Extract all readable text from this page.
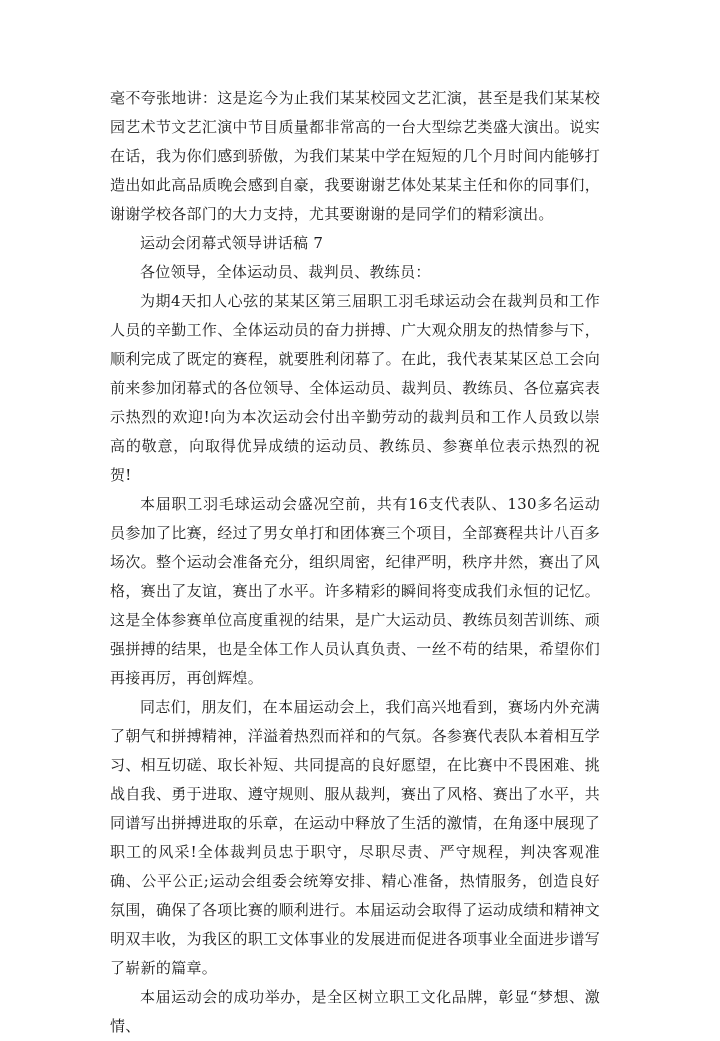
毫不夸张地讲：这是迄今为止我们某某校园文艺汇演，甚至是我们某某校园艺术节文艺汇演中节目质量都非常高的一台大型综艺类盛大演出。说实在话，我为你们感到骄傲，为我们某某中学在短短的几个月时间内能够打造出如此高品质晚会感到自豪，我要谢谢艺体处某某主任和你的同事们，谢谢学校各部门的大力支持，尤其要谢谢的是同学们的精彩演出。

运动会闭幕式领导讲话稿 7

各位领导，全体运动员、裁判员、教练员：

为期4天扣人心弦的某某区第三届职工羽毛球运动会在裁判员和工作人员的辛勤工作、全体运动员的奋力拼搏、广大观众朋友的热情参与下，顺利完成了既定的赛程，就要胜利闭幕了。在此，我代表某某区总工会向前来参加闭幕式的各位领导、全体运动员、裁判员、教练员、各位嘉宾表示热烈的欢迎!向为本次运动会付出辛勤劳动的裁判员和工作人员致以崇高的敬意，向取得优异成绩的运动员、教练员、参赛单位表示热烈的祝贺!

本届职工羽毛球运动会盛况空前，共有16支代表队、130多名运动员参加了比赛，经过了男女单打和团体赛三个项目，全部赛程共计八百多场次。整个运动会准备充分，组织周密，纪律严明，秩序井然，赛出了风格，赛出了友谊，赛出了水平。许多精彩的瞬间将变成我们永恒的记忆。这是全体参赛单位高度重视的结果，是广大运动员、教练员刻苦训练、顽强拼搏的结果，也是全体工作人员认真负责、一丝不苟的结果，希望你们再接再厉，再创辉煌。

同志们，朋友们，在本届运动会上，我们高兴地看到，赛场内外充满了朝气和拼搏精神，洋溢着热烈而祥和的气氛。各参赛代表队本着相互学习、相互切磋、取长补短、共同提高的良好愿望，在比赛中不畏困难、挑战自我、勇于进取、遵守规则、服从裁判，赛出了风格、赛出了水平，共同谱写出拼搏进取的乐章，在运动中释放了生活的激情，在角逐中展现了职工的风采!全体裁判员忠于职守，尽职尽责、严守规程，判决客观准确、公平公正;运动会组委会统筹安排、精心准备，热情服务，创造良好氛围，确保了各项比赛的顺利进行。本届运动会取得了运动成绩和精神文明双丰收，为我区的职工文体事业的发展进而促进各项事业全面进步谱写了崭新的篇章。

本届运动会的成功举办，是全区树立职工文化品牌，彰显“梦想、激情、
